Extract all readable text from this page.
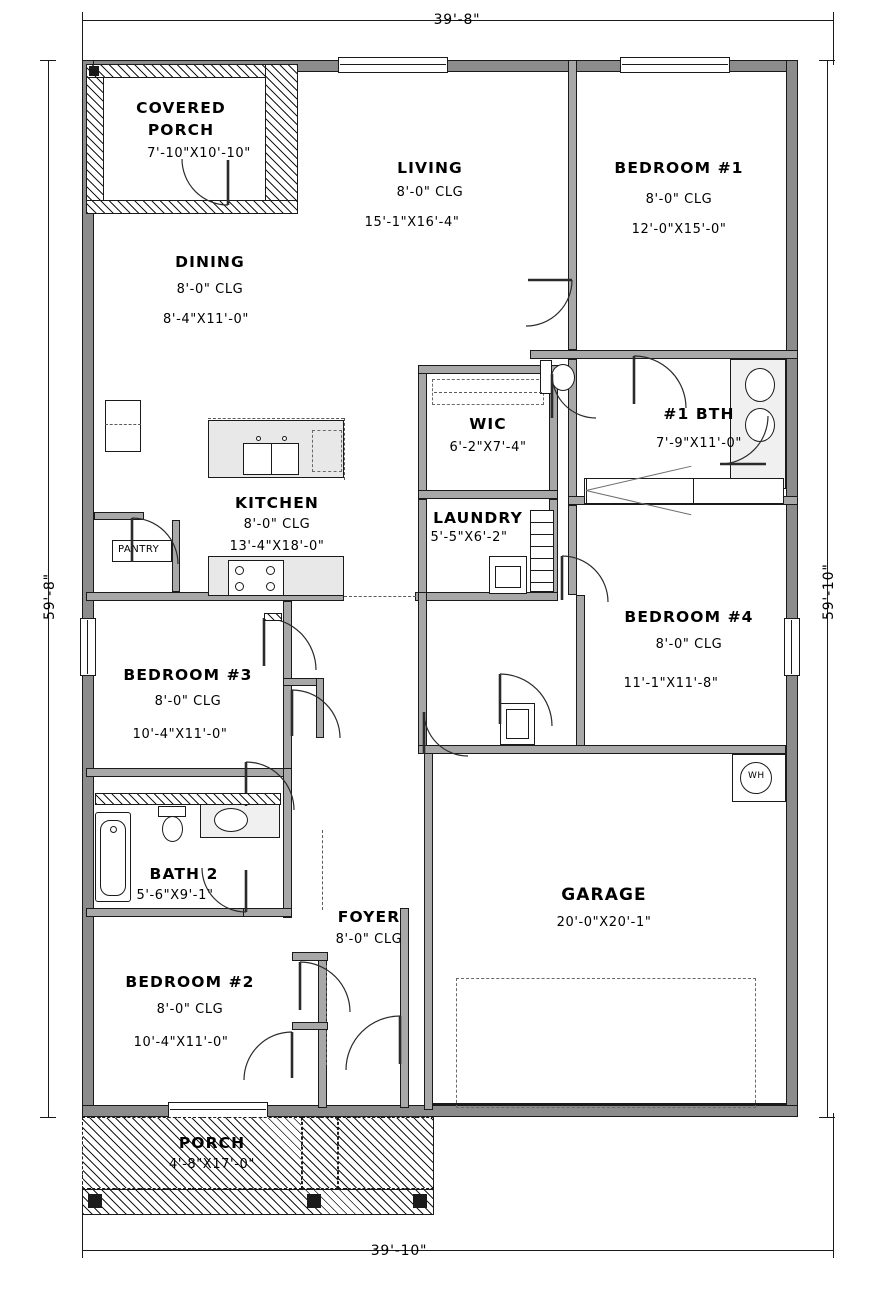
39'-8"
39'-10"
59'-8"	59'-10"
COVERED
PORCH
7'-10"X10'-10"
LIVING
8'-0" CLG
15'-1"X16'-4"
BEDROOM #1
8'-0" CLG
12'-0"X15'-0"
DINING
8'-0" CLG
8'-4"X11'-0"
PANTRY
KITCHEN
8'-0" CLG
13'-4"X18'-0"
WIC
6'-2"X7'-4"
#1 BTH
7'-9"X11'-0"
LAUNDRY
5'-5"X6'-2"
BEDROOM #3
8'-0" CLG
10'-4"X11'-0"
BEDROOM #4
8'-0" CLG
11'-1"X11'-8"
BATH 2
5'-6"X9'-1"
FOYER
8'-0" CLG
BEDROOM #2
8'-0" CLG
10'-4"X11'-0"
GARAGE
20'-0"X20'-1"
WH
PORCH
4'-8"X17'-0"
